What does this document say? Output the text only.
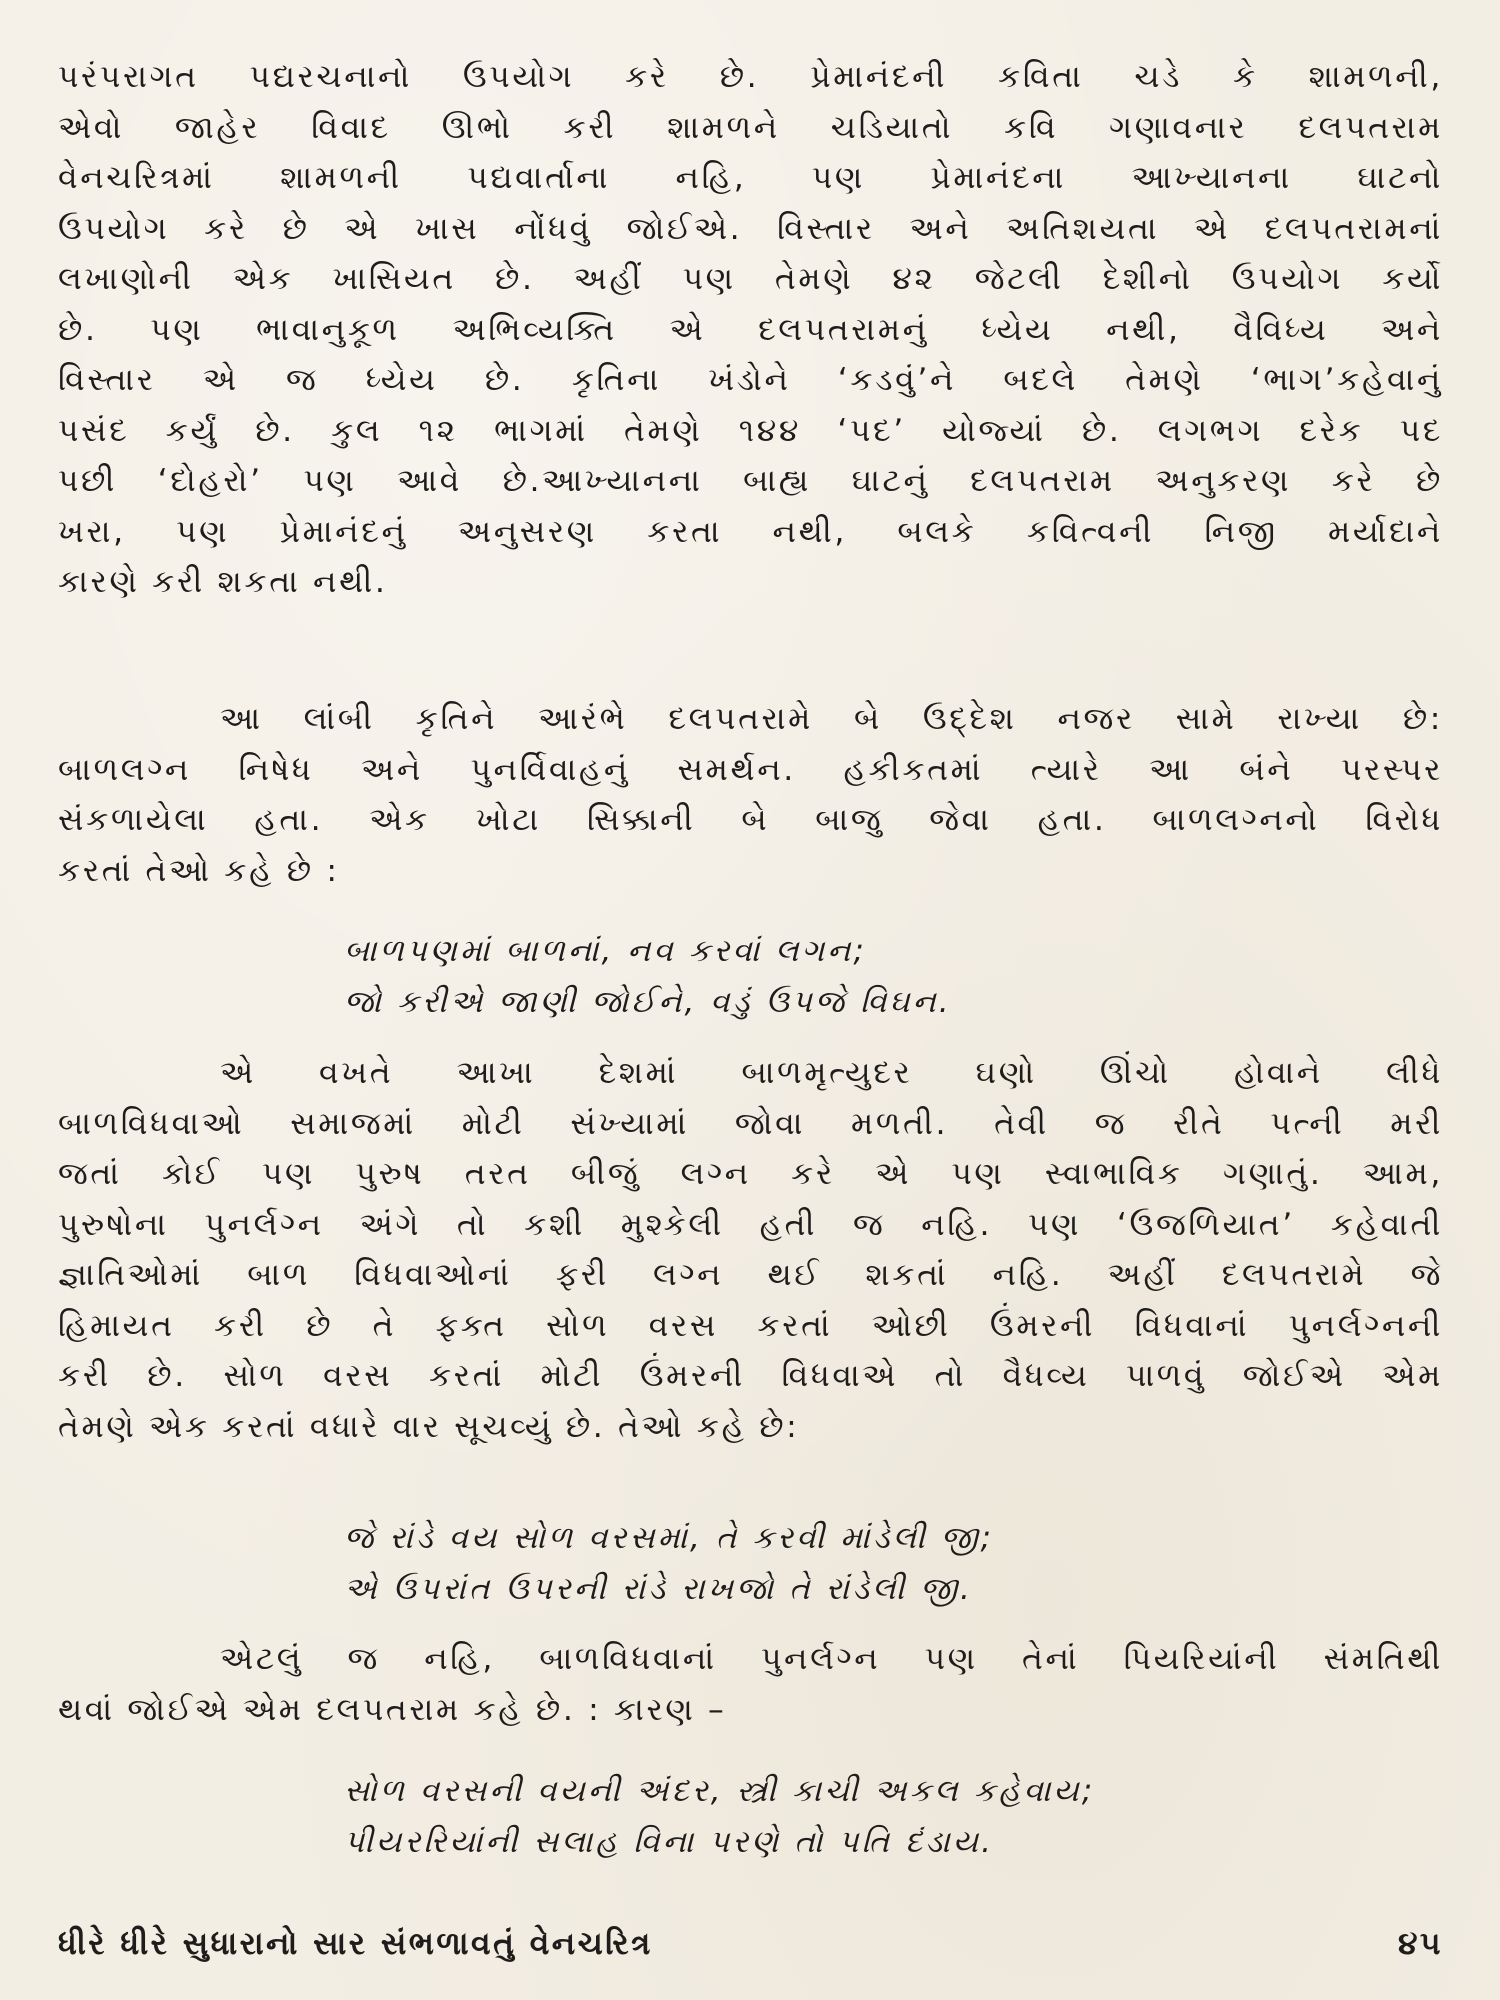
પરંપરાગત પદ્યરચનાનો ઉપયોગ કરે છે. પ્રેમાનંદની કવિતા ચડે કે શામળની,
એવો જાહેર વિવાદ ઊભો કરી શામળને ચડિયાતો કવિ ગણાવનાર દલપતરામ
વેનચરિત્રમાં શામળની પદ્યવાર્તાના નહિ, પણ પ્રેમાનંદના આખ્યાનના ઘાટનો
ઉપયોગ કરે છે એ ખાસ નોંધવું જોઈએ. વિસ્તાર અને અતિશયતા એ દલપતરામનાં
લખાણોની એક ખાસિયત છે. અહીં પણ તેમણે ૪૨ જેટલી દેશીનો ઉપયોગ કર્યો
છે. પણ ભાવાનુકૂળ અભિવ્યક્તિ એ દલપતરામનું ધ્યેય નથી, વૈવિધ્ય અને
વિસ્તાર એ જ ધ્યેય છે. કૃતિના ખંડોને ‘કડવું’ને બદલે તેમણે ‘ભાગ’કહેવાનું
પસંદ કર્યું છે. કુલ ૧૨ ભાગમાં તેમણે ૧૪૪ ‘પદ’ યોજ્યાં છે. લગભગ દરેક પદ
પછી ‘દોહરો’ પણ આવે છે.આખ્યાનના બાહ્ય ઘાટનું દલપતરામ અનુકરણ કરે છે
ખરા, પણ પ્રેમાનંદનું અનુસરણ કરતા નથી, બલકે કવિત્વની નિજી મર્યાદાને
કારણે કરી શકતા નથી.
આ લાંબી કૃતિને આરંભે દલપતરામે બે ઉદ્દેશ નજર સામે રાખ્યા છે:
બાળલગ્ન નિષેધ અને પુનર્વિવાહનું સમર્થન. હકીકતમાં ત્યારે આ બંને પરસ્પર
સંકળાયેલા હતા. એક ખોટા સિક્કાની બે બાજુ જેવા હતા. બાળલગ્નનો વિરોધ
કરતાં તેઓ કહે છે :
બાળપણમાં બાળનાં, નવ કરવાં લગન;
જો કરીએ જાણી જોઈને, વડું ઉપજે વિઘન.
એ વખતે આખા દેશમાં બાળમૃત્યુદર ઘણો ઊંચો હોવાને લીધે
બાળવિધવાઓ સમાજમાં મોટી સંખ્યામાં જોવા મળતી. તેવી જ રીતે પત્ની મરી
જતાં કોઈ પણ પુરુષ તરત બીજું લગ્ન કરે એ પણ સ્વાભાવિક ગણાતું. આમ,
પુરુષોના પુનર્લગ્ન અંગે તો કશી મુશ્કેલી હતી જ નહિ. પણ ‘ઉજળિયાત’ કહેવાતી
જ્ઞાતિઓમાં બાળ વિધવાઓનાં ફરી લગ્ન થઈ શકતાં નહિ. અહીં દલપતરામે જે
હિમાયત કરી છે તે ફક્ત સોળ વરસ કરતાં ઓછી ઉંમરની વિધવાનાં પુનર્લગ્નની
કરી છે. સોળ વરસ કરતાં મોટી ઉંમરની વિધવાએ તો વૈધવ્ય પાળવું જોઈએ એમ
તેમણે એક કરતાં વધારે વાર સૂચવ્યું છે. તેઓ કહે છે:
જે રાંડે વય સોળ વરસમાં, તે કરવી માંડેલી જી;
એ ઉપરાંત ઉપરની રાંડે રાખજો તે રાંડેલી જી.
એટલું જ નહિ, બાળવિધવાનાં પુનર્લગ્ન પણ તેનાં પિયરિયાંની સંમતિથી
થવાં જોઈએ એમ દલપતરામ કહે છે. : કારણ –
સોળ વરસની વયની અંદર, સ્ત્રી કાચી અકલ કહેવાય;
પીયરરિયાંની સલાહ વિના પરણે તો પતિ દંડાય.
ધીરે ધીરે સુધારાનો સાર સંભળાવતું વેનચરિત્ર	૪૫
